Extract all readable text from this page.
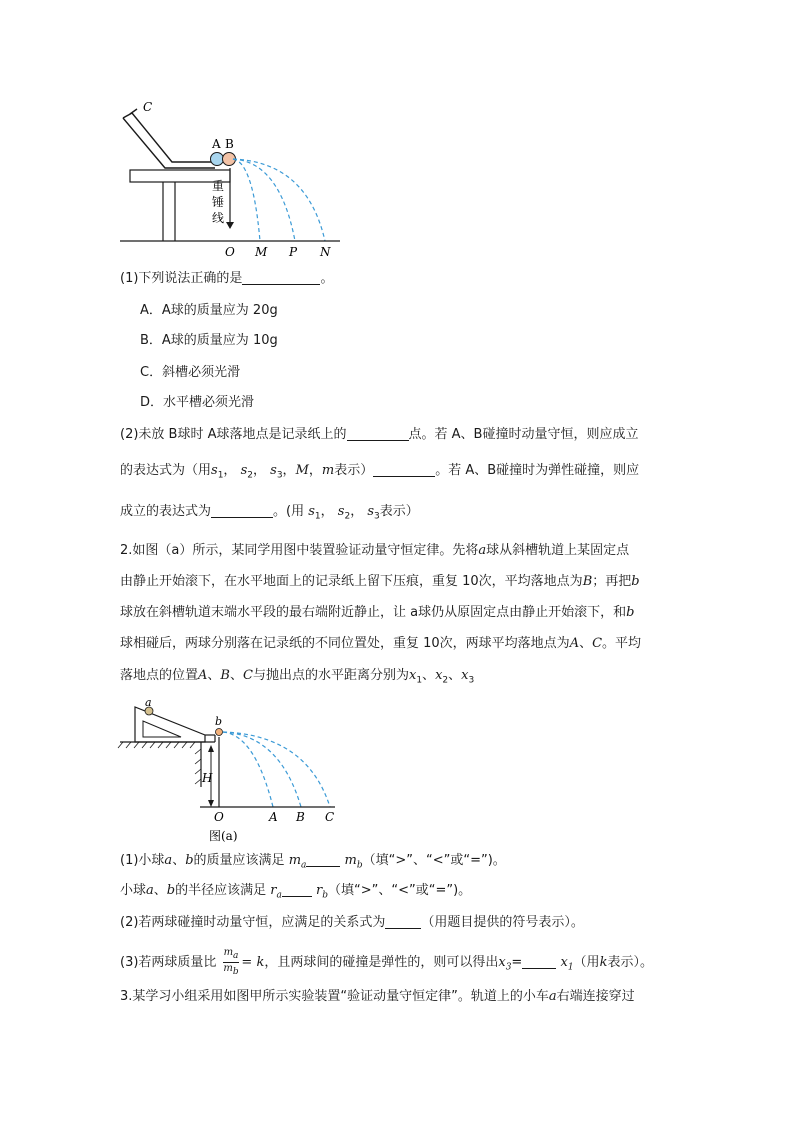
C
A B
重
锤
线
O M P N
(1)下列说法正确的是	。
A．A球的质量应为 20g
B．A球的质量应为 10g
C．斜槽必须光滑
D．水平槽必须光滑
(2)未放 B球时 A球落地点是记录纸上的	点。若 A、B碰撞时动量守恒，则应成立
的表达式为（用$s_1$， $s_2$， $s_3$，M，m表示）	。若 A、B碰撞时为弹性碰撞，则应
成立的表达式为	。(用 $s_1$， $s_2$， $s_3$表示）
2.如图（a）所示，某同学用图中装置验证动量守恒定律。先将a球从斜槽轨道上某固定点
由静止开始滚下，在水平地面上的记录纸上留下压痕，重复 10次，平均落地点为B；再把b
球放在斜槽轨道末端水平段的最右端附近静止，让 a球仍从原固定点由静止开始滚下，和b
球相碰后，两球分别落在记录纸的不同位置处，重复 10次，两球平均落地点为A、C。平均
落地点的位置A、B、C与抛出点的水平距离分别为$x_1$、$x_2$、$x_3$
a
b
H
O	A B C
图(a)
(1)小球a、b的质量应该满足 $m_a$	$m_b$（填“>”、“<”或“=”)。
小球a、b的半径应该满足 $r_a$	$r_b$（填“>”、“<”或“=”)。
(2)若两球碰撞时动量守恒，应满足的关系式为	（用题目提供的符号表示）。
(3)若两球质量比 $\frac{m_a}{m_b} = k$，且两球间的碰撞是弹性的，则可以得出$x_3=$	$x_1$（用k表示）。
3.某学习小组采用如图甲所示实验装置“验证动量守恒定律”。轨道上的小车a右端连接穿过
